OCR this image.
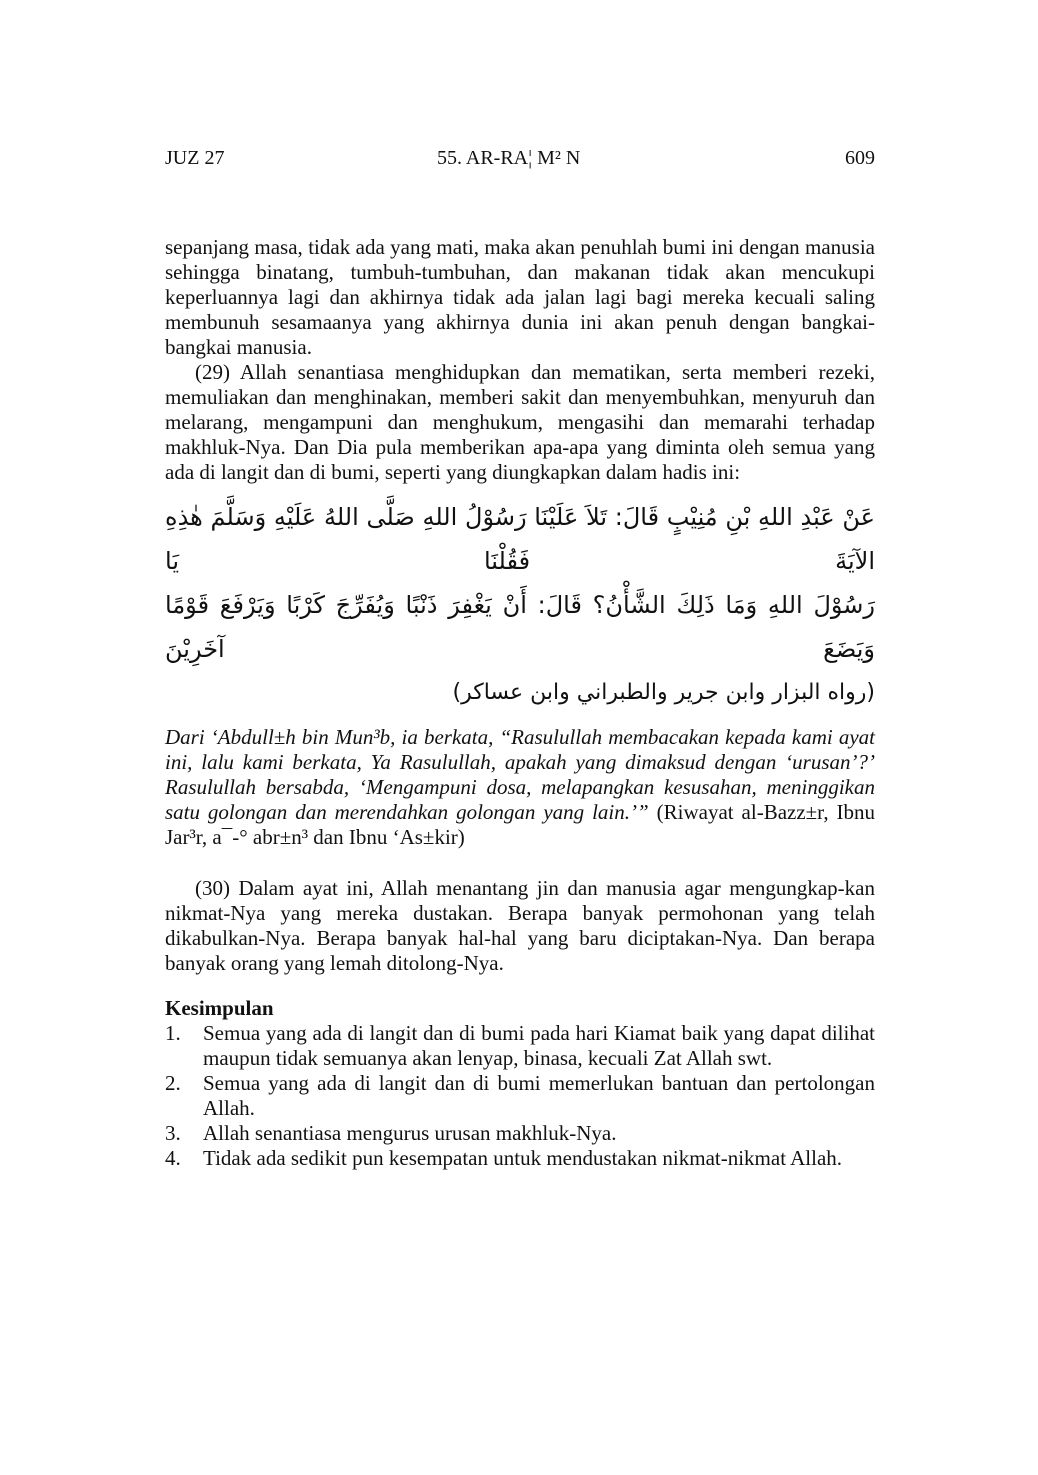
JUZ 27	55. AR-RA¦ M² N	609

sepanjang masa, tidak ada yang mati, maka akan penuhlah bumi ini dengan manusia sehingga binatang, tumbuh-tumbuhan, dan makanan tidak akan mencukupi keperluannya lagi dan akhirnya tidak ada jalan lagi bagi mereka kecuali saling membunuh sesamaanya yang akhirnya dunia ini akan penuh dengan bangkai-bangkai manusia.

(29) Allah senantiasa menghidupkan dan mematikan, serta memberi rezeki, memuliakan dan menghinakan, memberi sakit dan menyembuhkan, menyuruh dan melarang, mengampuni dan menghukum, mengasihi dan memarahi terhadap makhluk-Nya. Dan Dia pula memberikan apa-apa yang diminta oleh semua yang ada di langit dan di bumi, seperti yang diungkapkan dalam hadis ini:

عَنْ عَبْدِ اللهِ بْنِ مُنِيْبٍ قَالَ: تَلاَ عَلَيْنَا رَسُوْلُ اللهِ صَلَّى اللهُ عَلَيْهِ وَسَلَّمَ هٰذِهِ الآيَةَ فَقُلْنَا يَا
رَسُوْلَ اللهِ وَمَا ذَلِكَ الشَّأْنُ؟ قَالَ: أَنْ يَغْفِرَ ذَنْبًا وَيُفَرِّجَ كَرْبًا وَيَرْفَعَ قَوْمًا وَيَضَعَ آخَرِيْنَ
(رواه البزار وابن جرير والطبراني وابن عساكر)

Dari ‘Abdull±h bin Mun³b, ia berkata, “Rasulullah membacakan kepada kami ayat ini, lalu kami berkata, Ya Rasulullah, apakah yang dimaksud dengan ‘urusan’?’ Rasulullah bersabda, ‘Mengampuni dosa, melapangkan kesusahan, meninggikan satu golongan dan merendahkan golongan yang lain.’” (Riwayat al-Bazz±r, Ibnu Jar³r, a¯-° abr±n³ dan Ibnu ‘As±kir)

(30) Dalam ayat ini, Allah menantang jin dan manusia agar mengungkap-kan nikmat-Nya yang mereka dustakan. Berapa banyak permohonan yang telah dikabulkan-Nya. Berapa banyak hal-hal yang baru diciptakan-Nya. Dan berapa banyak orang yang lemah ditolong-Nya.

Kesimpulan
1. Semua yang ada di langit dan di bumi pada hari Kiamat baik yang dapat dilihat maupun tidak semuanya akan lenyap, binasa, kecuali Zat Allah swt.
2. Semua yang ada di langit dan di bumi memerlukan bantuan dan pertolongan Allah.
3. Allah senantiasa mengurus urusan makhluk-Nya.
4. Tidak ada sedikit pun kesempatan untuk mendustakan nikmat-nikmat Allah.
